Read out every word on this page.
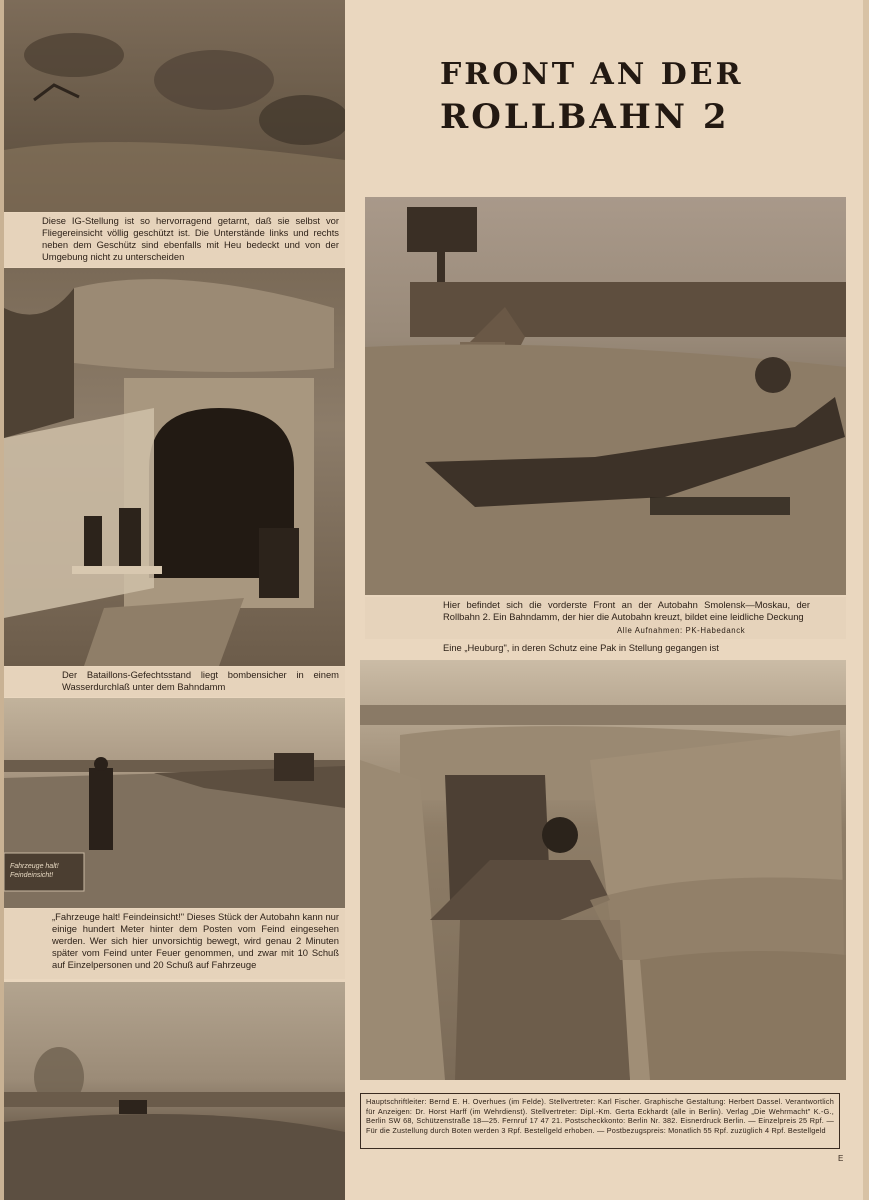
Diese IG-Stellung ist so hervorragend getarnt, daß sie selbst vor Fliegereinsicht völlig geschützt ist. Die Unterstände links und rechts neben dem Geschütz sind ebenfalls mit Heu bedeckt und von der Umgebung nicht zu unterscheiden
Der Bataillons-Gefechtsstand liegt bombensicher in einem Wasserdurchlaß unter dem Bahndamm
Fahrzeuge halt! Feindeinsicht!
„Fahrzeuge halt! Feindeinsicht!" Dieses Stück der Autobahn kann nur einige hundert Meter hinter dem Posten vom Feind eingesehen werden. Wer sich hier unvorsichtig bewegt, wird genau 2 Minuten später vom Feind unter Feuer genommen, und zwar mit 10 Schuß auf Einzelpersonen und 20 Schuß auf Fahrzeuge
FRONT AN DER
ROLLBAHN 2
Hier befindet sich die vorderste Front an der Autobahn Smolensk—Moskau, der Rollbahn 2. Ein Bahndamm, der hier die Autobahn kreuzt, bildet eine leidliche Deckung
Alle Aufnahmen: PK-Habedanck
Eine „Heuburg", in deren Schutz eine Pak in Stellung gegangen ist
Hauptschriftleiter: Bernd E. H. Overhues (im Felde). Stellvertreter: Karl Fischer. Graphische Gestaltung: Herbert Dassel. Verantwortlich für Anzeigen: Dr. Horst Harff (im Wehrdienst). Stellvertreter: Dipl.-Km. Gerta Eckhardt (alle in Berlin). Verlag „Die Wehrmacht" K.-G., Berlin SW 68, Schützenstraße 18—25. Fernruf 17 47 21. Postscheckkonto: Berlin Nr. 382. Eisnerdruck Berlin. — Einzelpreis 25 Rpf. — Für die Zustellung durch Boten werden 3 Rpf. Bestellgeld erhoben. — Postbezugspreis: Monatlich 55 Rpf. zuzüglich 4 Rpf. Bestellgeld
E
